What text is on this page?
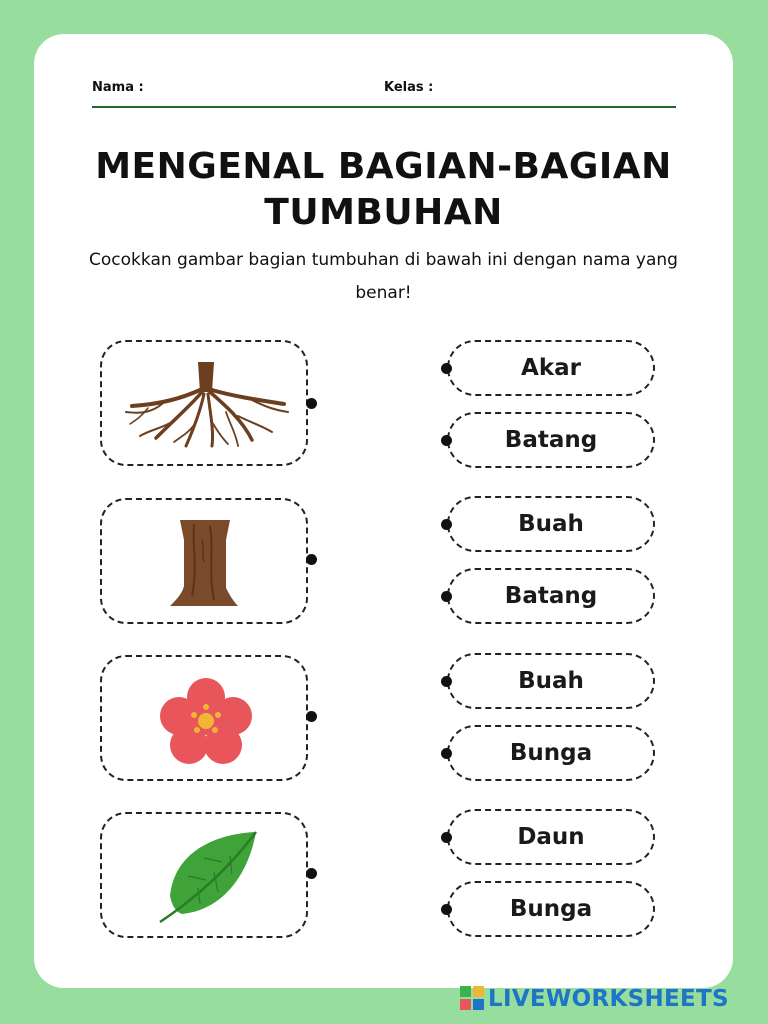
Nama :	Kelas :
MENGENAL BAGIAN-BAGIAN TUMBUHAN
Cocokkan gambar bagian tumbuhan di bawah ini dengan nama yang benar!
Akar
Batang
Buah
Batang
Buah
Bunga
Daun
Bunga
LIVEWORKSHEETS
